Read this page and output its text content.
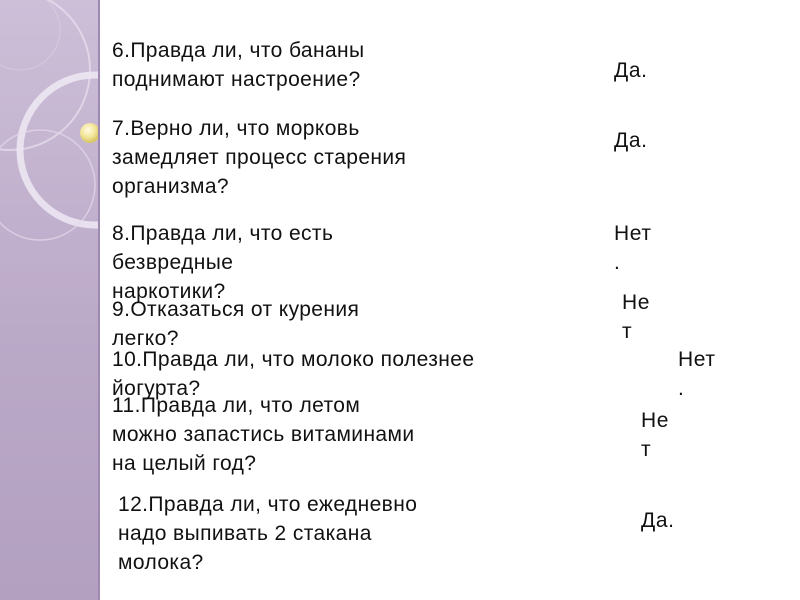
6.Правда ли, что бананы
поднимают настроение?	Да.
7.Верно ли, что морковь
замедляет процесс старения
организма?
Да.
8.Правда ли, что есть
безвредные
наркотики?
Нет
.
9.Отказаться от курения
легко?
Не
т
10.Правда ли, что молоко полезнее
йогурта?
Нет
.
11.Правда ли, что летом
можно запастись витаминами
на целый год?
Не
т
12.Правда ли, что ежедневно
надо выпивать 2 стакана
молока?
Да.
